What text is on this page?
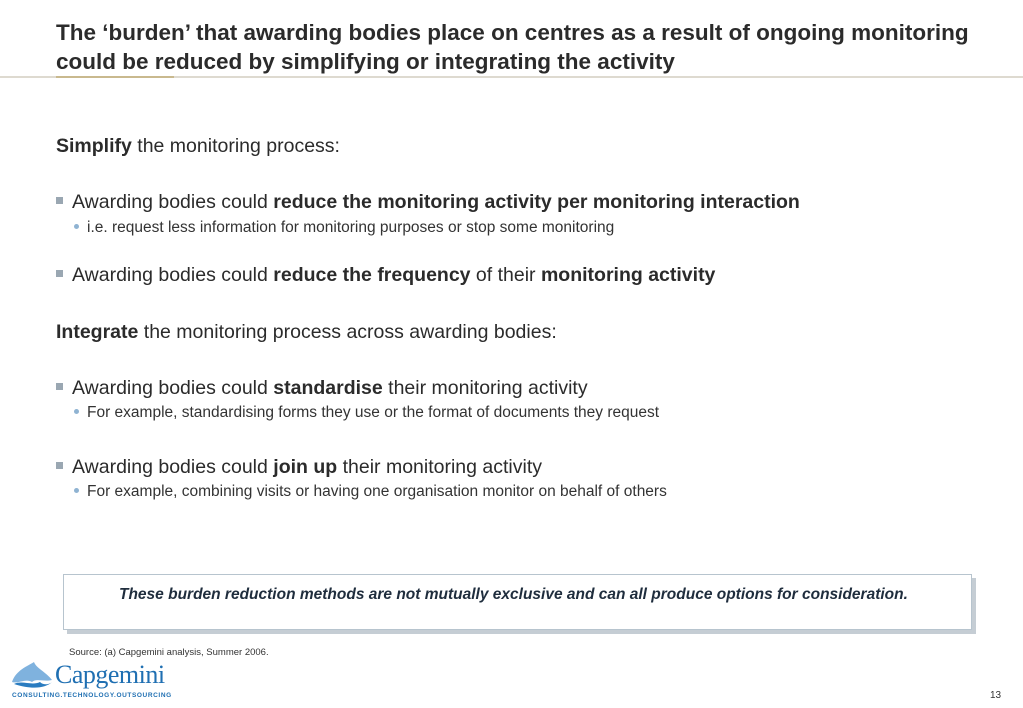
The ‘burden’ that awarding bodies place on centres as a result of ongoing monitoring could be reduced by simplifying or integrating the activity
Simplify the monitoring process:
Awarding bodies could reduce the monitoring activity per monitoring interaction
i.e. request less information for monitoring purposes or stop some monitoring
Awarding bodies could reduce the frequency of their monitoring activity
Integrate the monitoring process across awarding bodies:
Awarding bodies could standardise their monitoring activity
For example, standardising forms they use or the format of documents they request
Awarding bodies could join up their monitoring activity
For example, combining visits or having one organisation monitor on behalf of others

These burden reduction methods are not mutually exclusive and can all produce options for consideration.

Source: (a) Capgemini analysis, Summer 2006.
Capgemini
CONSULTING.TECHNOLOGY.OUTSOURCING	13
